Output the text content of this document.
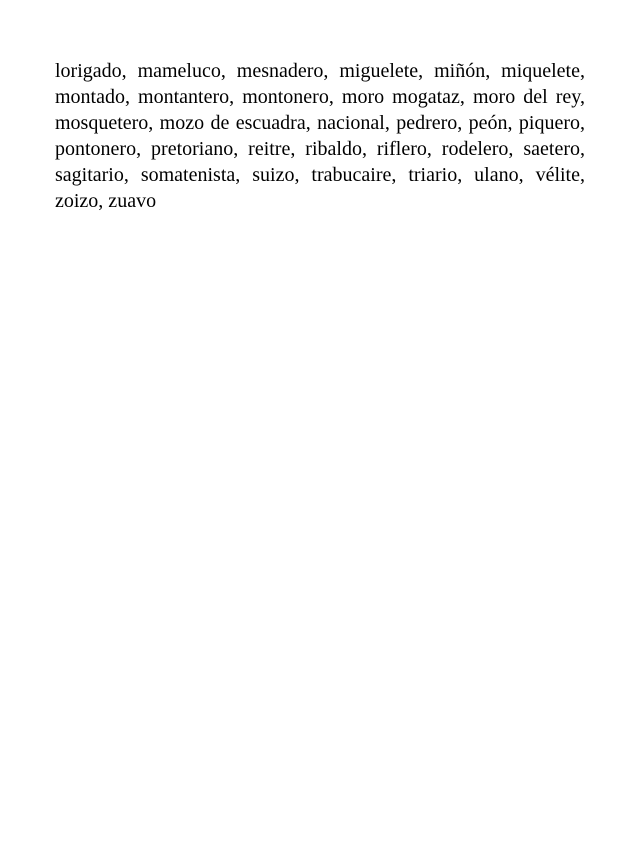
lorigado, mameluco, mesnadero, miguelete, miñón, miquelete, montado, montantero, montonero, moro mogataz, moro del rey, mosquetero, mozo de escuadra, nacional, pedrero, peón, piquero, pontonero, pretoriano, reitre, ribaldo, riflero, rodelero, saetero, sagitario, somatenista, suizo, trabucaire, triario, ulano, vélite, zoizo, zuavo
